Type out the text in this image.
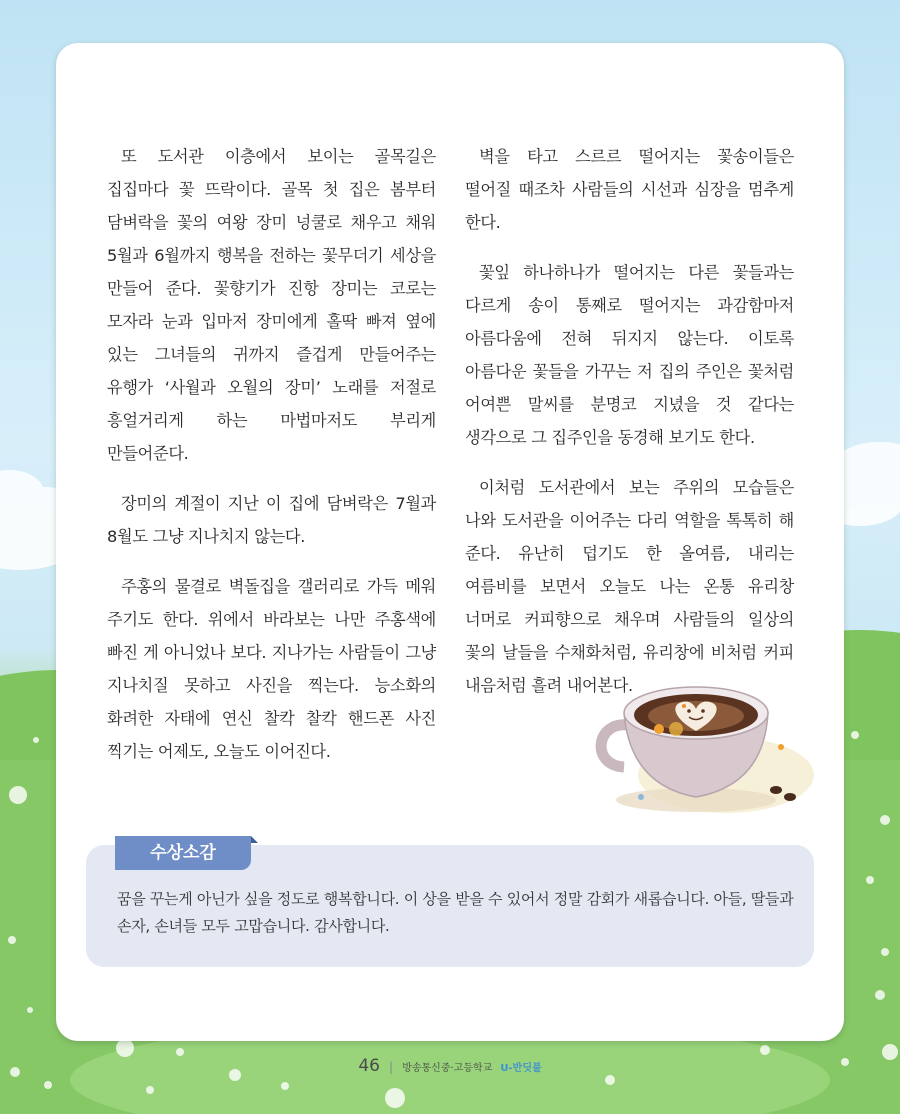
또 도서관 이층에서 보이는 골목길은 집집마다 꽃 뜨락이다. 골목 첫 집은 봄부터 담벼락을 꽃의 여왕 장미 넝쿨로 채우고 채워 5월과 6월까지 행복을 전하는 꽃무더기 세상을 만들어 준다. 꽃향기가 진항 장미는 코로는 모자라 눈과 입마저 장미에게 홀딱 빠져 옆에 있는 그녀들의 귀까지 즐겁게 만들어주는 유행가 ‘사월과 오월의 장미’ 노래를 저절로 흥얼거리게 하는 마법마저도 부리게 만들어준다.

장미의 계절이 지난 이 집에 담벼락은 7월과 8월도 그냥 지나치지 않는다.

주홍의 물결로 벽돌집을 갤러리로 가득 메워 주기도 한다. 위에서 바라보는 나만 주홍색에 빠진 게 아니었나 보다. 지나가는 사람들이 그냥 지나치질 못하고 사진을 찍는다. 능소화의 화려한 자태에 연신 찰칵 찰칵 핸드폰 사진 찍기는 어제도, 오늘도 이어진다.

벽을 타고 스르르 떨어지는 꽃송이들은 떨어질 때조차 사람들의 시선과 심장을 멈추게 한다.

꽃잎 하나하나가 떨어지는 다른 꽃들과는 다르게 송이 통째로 떨어지는 과감함마저 아름다움에 전혀 뒤지지 않는다. 이토록 아름다운 꽃들을 가꾸는 저 집의 주인은 꽃처럼 어여쁜 말씨를 분명코 지녔을 것 같다는 생각으로 그 집주인을 동경해 보기도 한다.

이처럼 도서관에서 보는 주위의 모습들은 나와 도서관을 이어주는 다리 역할을 톡톡히 해 준다. 유난히 덥기도 한 올여름, 내리는 여름비를 보면서 오늘도 나는 온통 유리창 너머로 커피향으로 채우며 사람들의 일상의 꽃의 날들을 수채화처럼, 유리창에 비처럼 커피 내음처럼 흘려 내어본다.

수상소감
꿈을 꾸는게 아닌가 싶을 정도로 행복합니다. 이 상을 받을 수 있어서 정말 감회가 새롭습니다. 아들, 딸들과 손자, 손녀들 모두 고맙습니다. 감사합니다.
46 | 방송통신중·고등학교 U-반딧불
